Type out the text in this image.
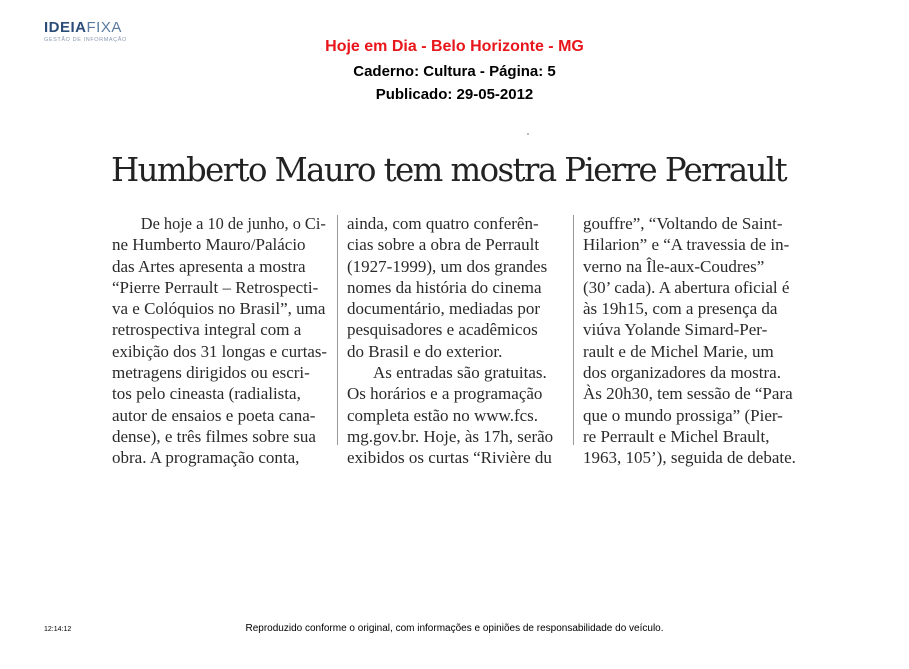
IDEIAFIXA
GESTÃO DE INFORMAÇÃO	Hoje em Dia - Belo Horizonte - MG
Caderno: Cultura - Página: 5
Publicado: 29-05-2012
Humberto Mauro tem mostra Pierre Perrault
De hoje a 10 de junho, o Ci-
ne Humberto Mauro/Palácio
das Artes apresenta a mostra
“Pierre Perrault – Retrospecti-
va e Colóquios no Brasil”, uma
retrospectiva integral com a
exibição dos 31 longas e curtas-
metragens dirigidos ou escri-
tos pelo cineasta (radialista,
autor de ensaios e poeta cana-
dense), e três filmes sobre sua
obra. A programação conta,
ainda, com quatro conferên-
cias sobre a obra de Perrault
(1927-1999), um dos grandes
nomes da história do cinema
documentário, mediadas por
pesquisadores e acadêmicos
do Brasil e do exterior.
As entradas são gratuitas.
Os horários e a programação
completa estão no www.fcs.
mg.gov.br. Hoje, às 17h, serão
exibidos os curtas “Rivière du
gouffre”, “Voltando de Saint-
Hilarion” e “A travessia de in-
verno na Île-aux-Coudres”
(30’ cada). A abertura oficial é
às 19h15, com a presença da
viúva Yolande Simard-Per-
rault e de Michel Marie, um
dos organizadores da mostra.
Às 20h30, tem sessão de “Para
que o mundo prossiga” (Pier-
re Perrault e Michel Brault,
1963, 105’), seguida de debate.
12:14:12	Reproduzido conforme o original, com informações e opiniões de responsabilidade do veículo.
